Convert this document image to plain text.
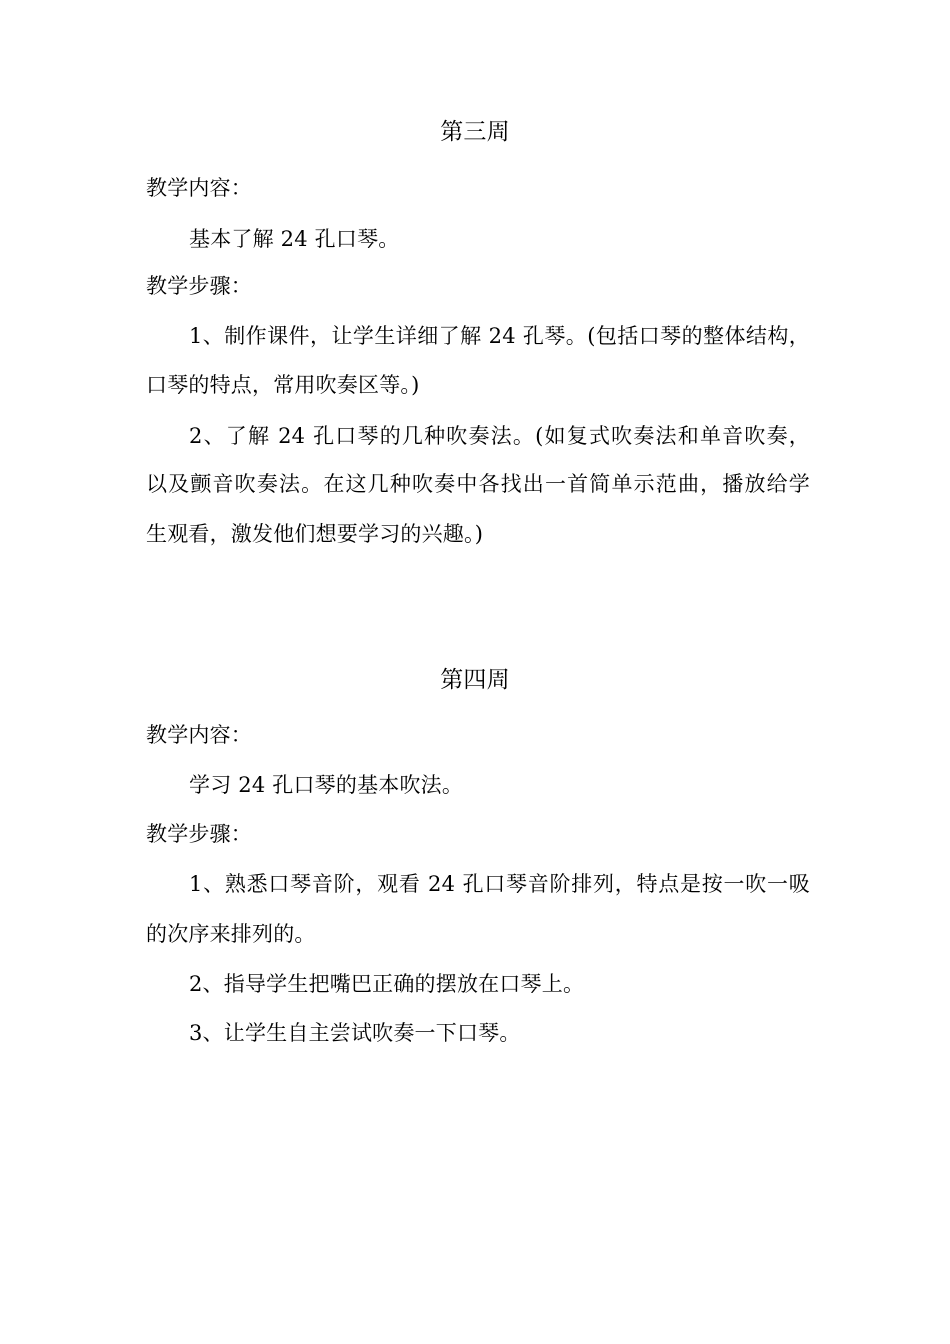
第三周
教学内容：
基本了解 24 孔口琴。
教学步骤：
1、制作课件，让学生详细了解 24 孔琴。(包括口琴的整体结构，
口琴的特点，常用吹奏区等。)
2、了解 24 孔口琴的几种吹奏法。(如复式吹奏法和单音吹奏，
以及颤音吹奏法。在这几种吹奏中各找出一首简单示范曲，播放给学
生观看，激发他们想要学习的兴趣。)
第四周
教学内容：
学习 24 孔口琴的基本吹法。
教学步骤：
1、熟悉口琴音阶，观看 24 孔口琴音阶排列，特点是按一吹一吸
的次序来排列的。
2、指导学生把嘴巴正确的摆放在口琴上。
3、让学生自主尝试吹奏一下口琴。
